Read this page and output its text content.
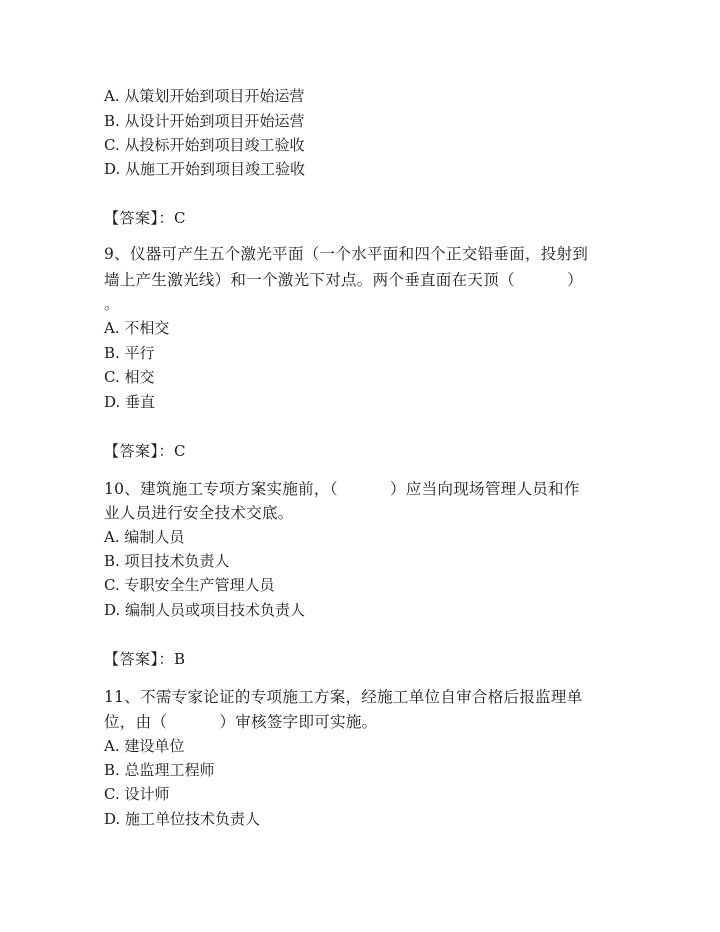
A. 从策划开始到项目开始运营
B. 从设计开始到项目开始运营
C. 从投标开始到项目竣工验收
D. 从施工开始到项目竣工验收
【答案】：C
9、仪器可产生五个激光平面（一个水平面和四个正交铅垂面，投射到
墙上产生激光线）和一个激光下对点。两个垂直面在天顶（          ）
。
A. 不相交
B. 平行
C. 相交
D. 垂直
【答案】：C
10、建筑施工专项方案实施前，（          ）应当向现场管理人员和作
业人员进行安全技术交底。
A. 编制人员
B. 项目技术负责人
C. 专职安全生产管理人员
D. 编制人员或项目技术负责人
【答案】：B
11、不需专家论证的专项施工方案，经施工单位自审合格后报监理单
位，由（          ）审核签字即可实施。
A. 建设单位
B. 总监理工程师
C. 设计师
D. 施工单位技术负责人
